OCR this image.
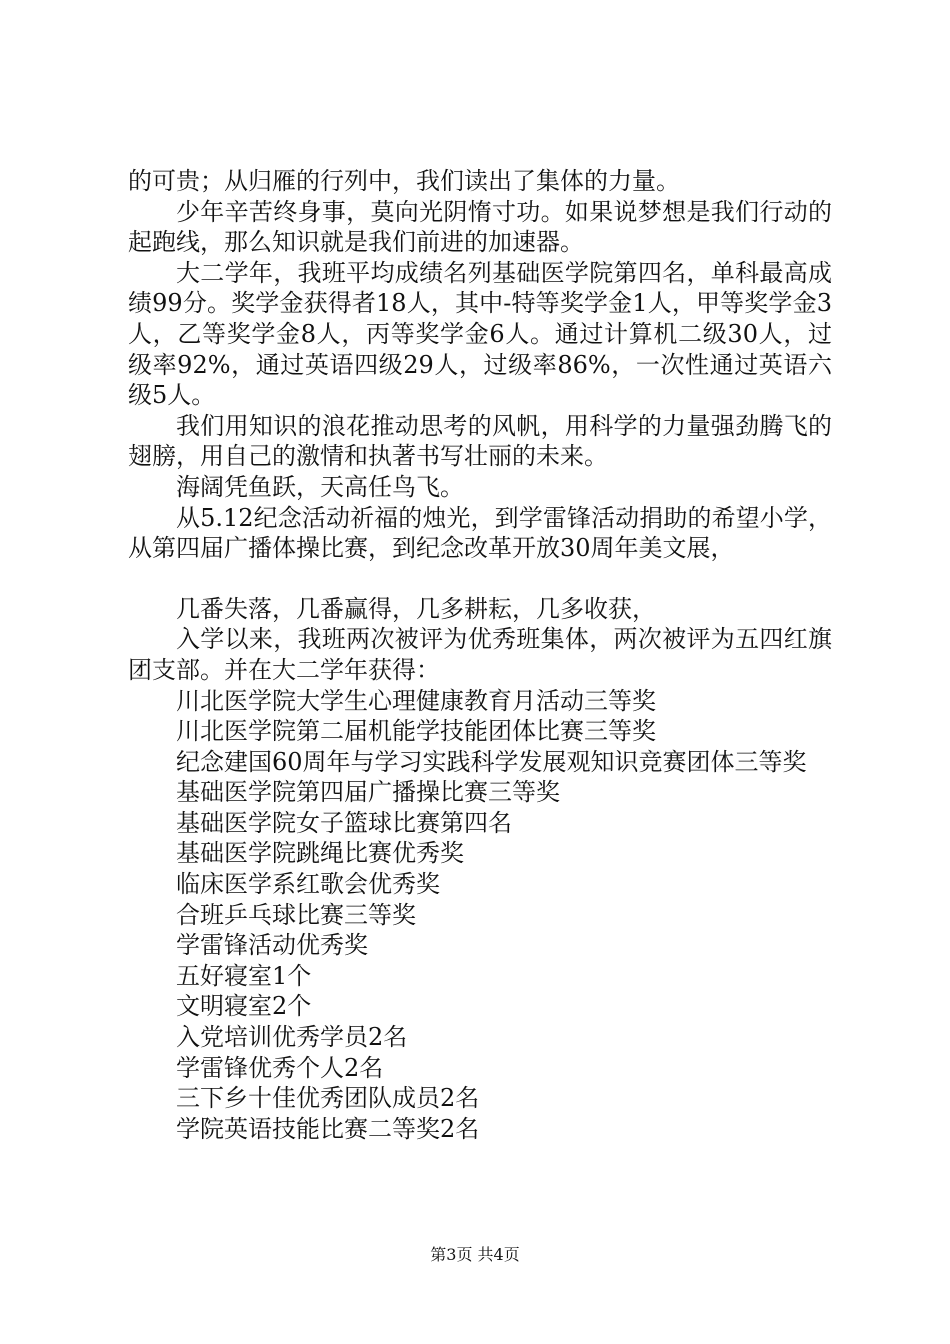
的可贵；从归雁的行列中，我们读出了集体的力量。

少年辛苦终身事，莫向光阴惰寸功。如果说梦想是我们行动的起跑线，那么知识就是我们前进的加速器。

大二学年，我班平均成绩名列基础医学院第四名，单科最高成绩99分。奖学金获得者18人，其中-特等奖学金1人，甲等奖学金3人，乙等奖学金8人，丙等奖学金6人。通过计算机二级30人，过级率92%，通过英语四级29人，过级率86%，一次性通过英语六级5人。

我们用知识的浪花推动思考的风帆，用科学的力量强劲腾飞的翅膀，用自己的激情和执著书写壮丽的未来。

海阔凭鱼跃，天高任鸟飞。

从5.12纪念活动祈福的烛光，到学雷锋活动捐助的希望小学，从第四届广播体操比赛，到纪念改革开放30周年美文展，

几番失落，几番赢得，几多耕耘，几多收获，

入学以来，我班两次被评为优秀班集体，两次被评为五四红旗团支部。并在大二学年获得：

川北医学院大学生心理健康教育月活动三等奖

川北医学院第二届机能学技能团体比赛三等奖

纪念建国60周年与学习实践科学发展观知识竞赛团体三等奖

基础医学院第四届广播操比赛三等奖

基础医学院女子篮球比赛第四名

基础医学院跳绳比赛优秀奖

临床医学系红歌会优秀奖

合班乒乓球比赛三等奖

学雷锋活动优秀奖

五好寝室1个

文明寝室2个

入党培训优秀学员2名

学雷锋优秀个人2名

三下乡十佳优秀团队成员2名

学院英语技能比赛二等奖2名

第3页 共4页
